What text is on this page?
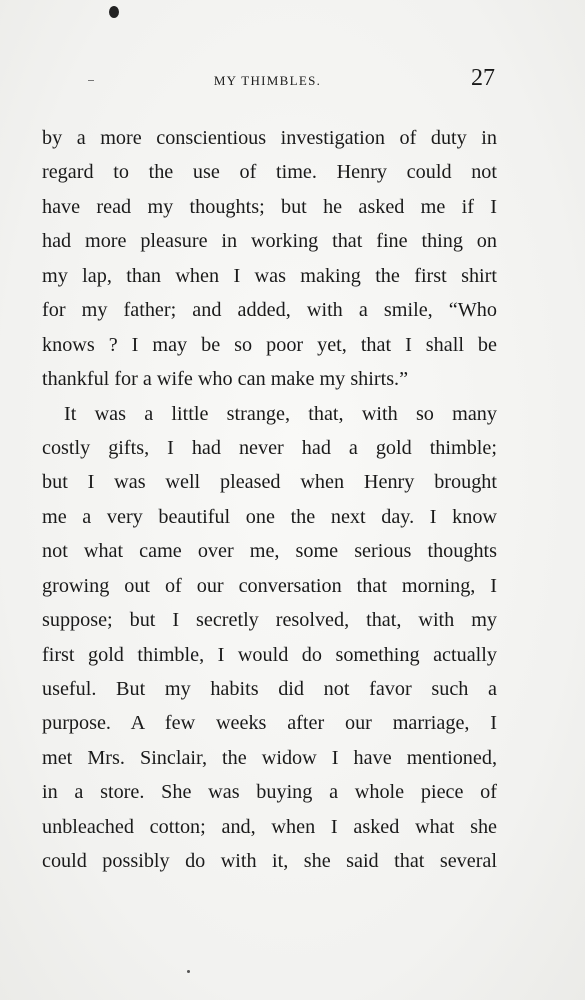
MY THIMBLES.	27
by a more conscientious investigation of duty in
regard to the use of time. Henry could not
have read my thoughts; but he asked me if I
had more pleasure in working that fine thing on
my lap, than when I was making the first shirt
for my father; and added, with a smile, “Who
knows ? I may be so poor yet, that I shall be
thankful for a wife who can make my shirts.”
It was a little strange, that, with so many
costly gifts, I had never had a gold thimble;
but I was well pleased when Henry brought
me a very beautiful one the next day. I know
not what came over me, some serious thoughts
growing out of our conversation that morning, I
suppose; but I secretly resolved, that, with my
first gold thimble, I would do something actually
useful. But my habits did not favor such a
purpose. A few weeks after our marriage, I
met Mrs. Sinclair, the widow I have mentioned,
in a store. She was buying a whole piece of
unbleached cotton; and, when I asked what she
could possibly do with it, she said that several
